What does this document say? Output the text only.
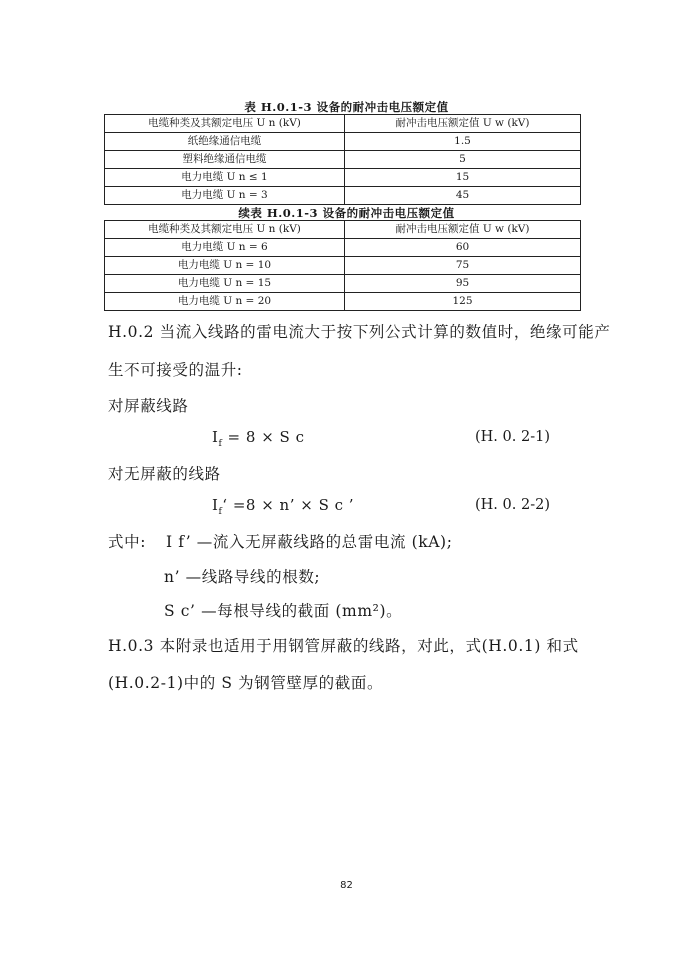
表 H.0.1-3 设备的耐冲击电压额定值
电缆种类及其额定电压 U n (kV)	耐冲击电压额定值 U w (kV)
纸绝缘通信电缆	1.5
塑料绝缘通信电缆	5
电力电缆 U n ≤ 1	15
电力电缆 U n = 3	45
续表 H.0.1-3 设备的耐冲击电压额定值
电缆种类及其额定电压 U n (kV)	耐冲击电压额定值 U w (kV)
电力电缆 U n = 6	60
电力电缆 U n = 10	75
电力电缆 U n = 15	95
电力电缆 U n = 20	125
H.0.2 当流入线路的雷电流大于按下列公式计算的数值时，绝缘可能产
生不可接受的温升:
对屏蔽线路
$I_f = 8 \times S$ c	(H. 0. 2-1)
对无屏蔽的线路
$I_f‘ =8 \times n$’ × S c ’	(H. 0. 2-2)
式中: I f’ —流入无屏蔽线路的总雷电流 (kA);
n’ —线路导线的根数;
S c’ —每根导线的截面 (mm²)。
H.0.3 本附录也适用于用钢管屏蔽的线路，对此，式(H.0.1) 和式
(H.0.2-1)中的 S 为钢管壁厚的截面。
82
